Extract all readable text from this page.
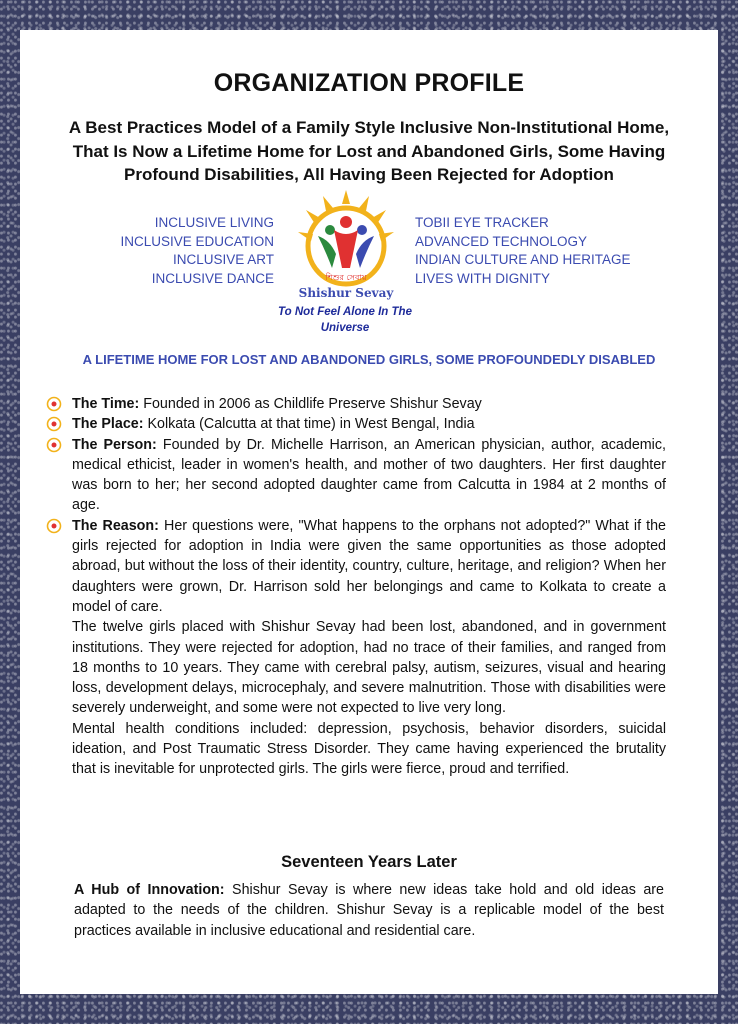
ORGANIZATION PROFILE
A Best Practices Model of a Family Style Inclusive Non-Institutional Home, That Is Now a Lifetime Home for Lost and Abandoned Girls, Some Having Profound Disabilities, All Having Been Rejected for Adoption
INCLUSIVE LIVING
INCLUSIVE EDUCATION
INCLUSIVE ART
INCLUSIVE DANCE	শিশুর সেবায়
Shishur Sevay
TOBII EYE TRACKER
ADVANCED TECHNOLOGY
INDIAN CULTURE AND HERITAGE
LIVES WITH DIGNITY
To Not Feel Alone In The Universe
A LIFETIME HOME FOR LOST AND ABANDONED GIRLS, SOME PROFOUNDEDLY DISABLED
The Time: Founded in 2006 as Childlife Preserve Shishur Sevay
The Place: Kolkata (Calcutta at that time) in West Bengal, India
The Person: Founded by Dr. Michelle Harrison, an American physician, author, academic, medical ethicist, leader in women's health, and mother of two daughters. Her first daughter was born to her; her second adopted daughter came from Calcutta in 1984 at 2 months of age.
The Reason: Her questions were, "What happens to the orphans not adopted?" What if the girls rejected for adoption in India were given the same opportunities as those adopted abroad, but without the loss of their identity, country, culture, heritage, and religion? When her daughters were grown, Dr. Harrison sold her belongings and came to Kolkata to create a model of care.

The twelve girls placed with Shishur Sevay had been lost, abandoned, and in government institutions. They were rejected for adoption, had no trace of their families, and ranged from 18 months to 10 years. They came with cerebral palsy, autism, seizures, visual and hearing loss, development delays, microcephaly, and severe malnutrition. Those with disabilities were severely underweight, and some were not expected to live very long.

Mental health conditions included: depression, psychosis, behavior disorders, suicidal ideation, and Post Traumatic Stress Disorder. They came having experienced the brutality that is inevitable for unprotected girls. The girls were fierce, proud and terrified.

Seventeen Years Later
A Hub of Innovation: Shishur Sevay is where new ideas take hold and old ideas are adapted to the needs of the children. Shishur Sevay is a replicable model of the best practices available in inclusive educational and residential care.
